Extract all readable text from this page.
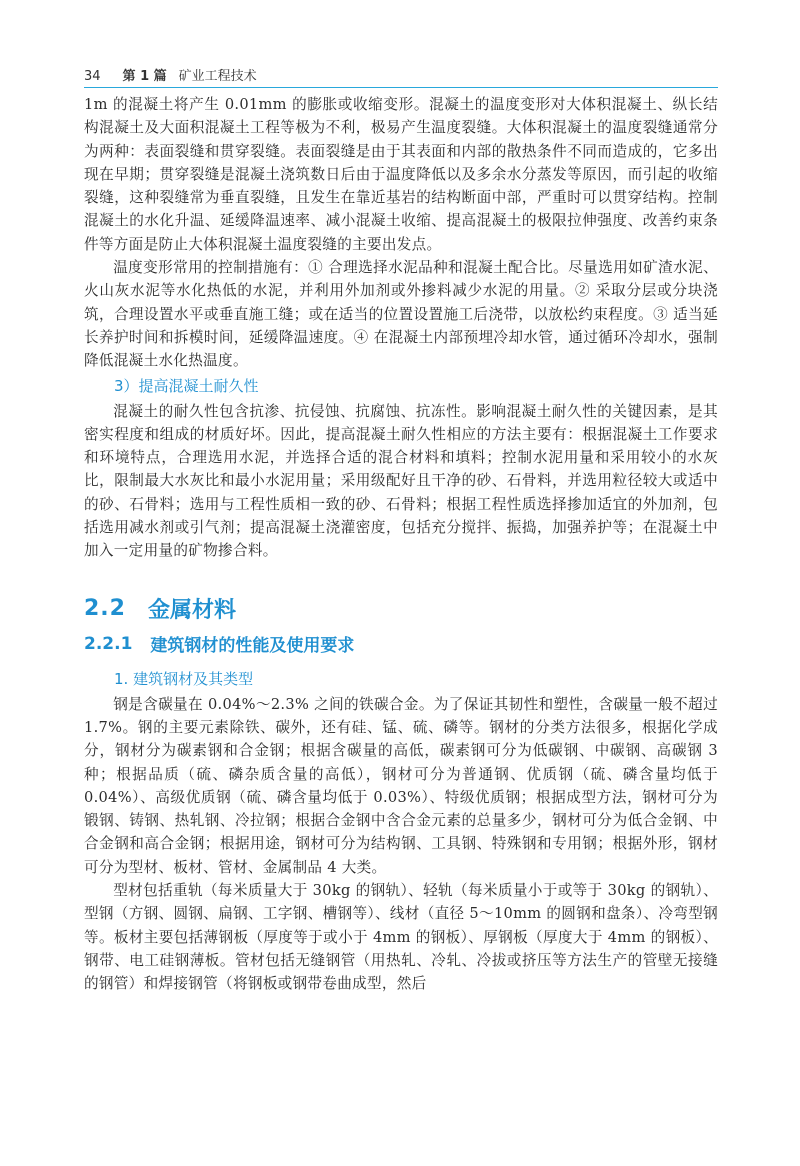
34 第 1 篇 矿业工程技术

1m 的混凝土将产生 0.01mm 的膨胀或收缩变形。混凝土的温度变形对大体积混凝土、纵长结构混凝土及大面积混凝土工程等极为不利，极易产生温度裂缝。大体积混凝土的温度裂缝通常分为两种：表面裂缝和贯穿裂缝。表面裂缝是由于其表面和内部的散热条件不同而造成的，它多出现在早期；贯穿裂缝是混凝土浇筑数日后由于温度降低以及多余水分蒸发等原因，而引起的收缩裂缝，这种裂缝常为垂直裂缝，且发生在靠近基岩的结构断面中部，严重时可以贯穿结构。控制混凝土的水化升温、延缓降温速率、减小混凝土收缩、提高混凝土的极限拉伸强度、改善约束条件等方面是防止大体积混凝土温度裂缝的主要出发点。

温度变形常用的控制措施有：① 合理选择水泥品种和混凝土配合比。尽量选用如矿渣水泥、火山灰水泥等水化热低的水泥，并利用外加剂或外掺料减少水泥的用量。② 采取分层或分块浇筑，合理设置水平或垂直施工缝；或在适当的位置设置施工后浇带，以放松约束程度。③ 适当延长养护时间和拆模时间，延缓降温速度。④ 在混凝土内部预埋冷却水管，通过循环冷却水，强制降低混凝土水化热温度。

3）提高混凝土耐久性

混凝土的耐久性包含抗渗、抗侵蚀、抗腐蚀、抗冻性。影响混凝土耐久性的关键因素，是其密实程度和组成的材质好坏。因此，提高混凝土耐久性相应的方法主要有：根据混凝土工作要求和环境特点，合理选用水泥，并选择合适的混合材料和填料；控制水泥用量和采用较小的水灰比，限制最大水灰比和最小水泥用量；采用级配好且干净的砂、石骨料，并选用粒径较大或适中的砂、石骨料；选用与工程性质相一致的砂、石骨料；根据工程性质选择掺加适宜的外加剂，包括选用减水剂或引气剂；提高混凝土浇灌密度，包括充分搅拌、振捣，加强养护等；在混凝土中加入一定用量的矿物掺合料。

2.2 金属材料
2.2.1 建筑钢材的性能及使用要求
1. 建筑钢材及其类型

钢是含碳量在 0.04%～2.3% 之间的铁碳合金。为了保证其韧性和塑性，含碳量一般不超过 1.7%。钢的主要元素除铁、碳外，还有硅、锰、硫、磷等。钢材的分类方法很多，根据化学成分，钢材分为碳素钢和合金钢；根据含碳量的高低，碳素钢可分为低碳钢、中碳钢、高碳钢 3 种；根据品质（硫、磷杂质含量的高低），钢材可分为普通钢、优质钢（硫、磷含量均低于 0.04%）、高级优质钢（硫、磷含量均低于 0.03%）、特级优质钢；根据成型方法，钢材可分为锻钢、铸钢、热轧钢、冷拉钢；根据合金钢中含合金元素的总量多少，钢材可分为低合金钢、中合金钢和高合金钢；根据用途，钢材可分为结构钢、工具钢、特殊钢和专用钢；根据外形，钢材可分为型材、板材、管材、金属制品 4 大类。

型材包括重轨（每米质量大于 30kg 的钢轨）、轻轨（每米质量小于或等于 30kg 的钢轨）、型钢（方钢、圆钢、扁钢、工字钢、槽钢等）、线材（直径 5～10mm 的圆钢和盘条）、冷弯型钢等。板材主要包括薄钢板（厚度等于或小于 4mm 的钢板）、厚钢板（厚度大于 4mm 的钢板）、钢带、电工硅钢薄板。管材包括无缝钢管（用热轧、冷轧、冷拔或挤压等方法生产的管壁无接缝的钢管）和焊接钢管（将钢板或钢带卷曲成型，然后
